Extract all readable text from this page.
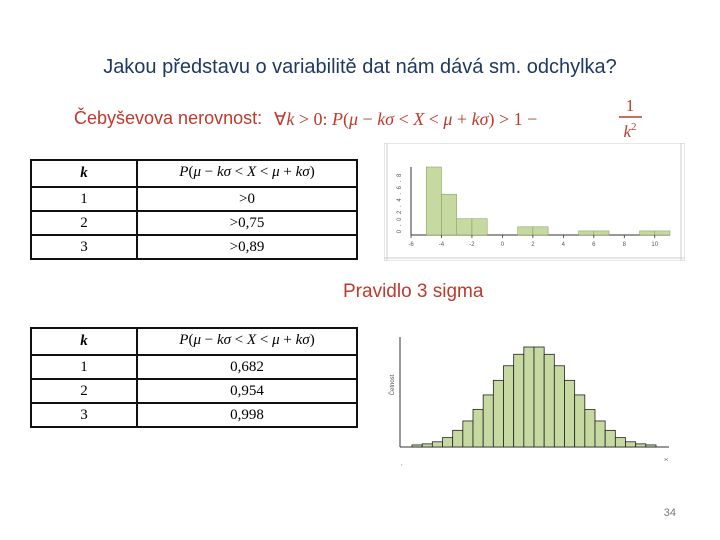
Jakou představu o variabilitě dat nám dává sm. odchylka?
Čebyševova nerovnost: ∀k > 0: P(μ − kσ < X < μ + kσ) > 1 −
1
$k^2$
k	P(μ − kσ < X < μ + kσ)

1	>0
2	>0,75
3	>0,89
0 . 0 2 . 4 . 6 . 8
-6	-4	-2	0	2	4	6	8	10
Pravidlo 3 sigma
k	P(μ − kσ < X < μ + kσ)

1	0,682
2	0,954
3	0,998
Četnost
,
x
34
